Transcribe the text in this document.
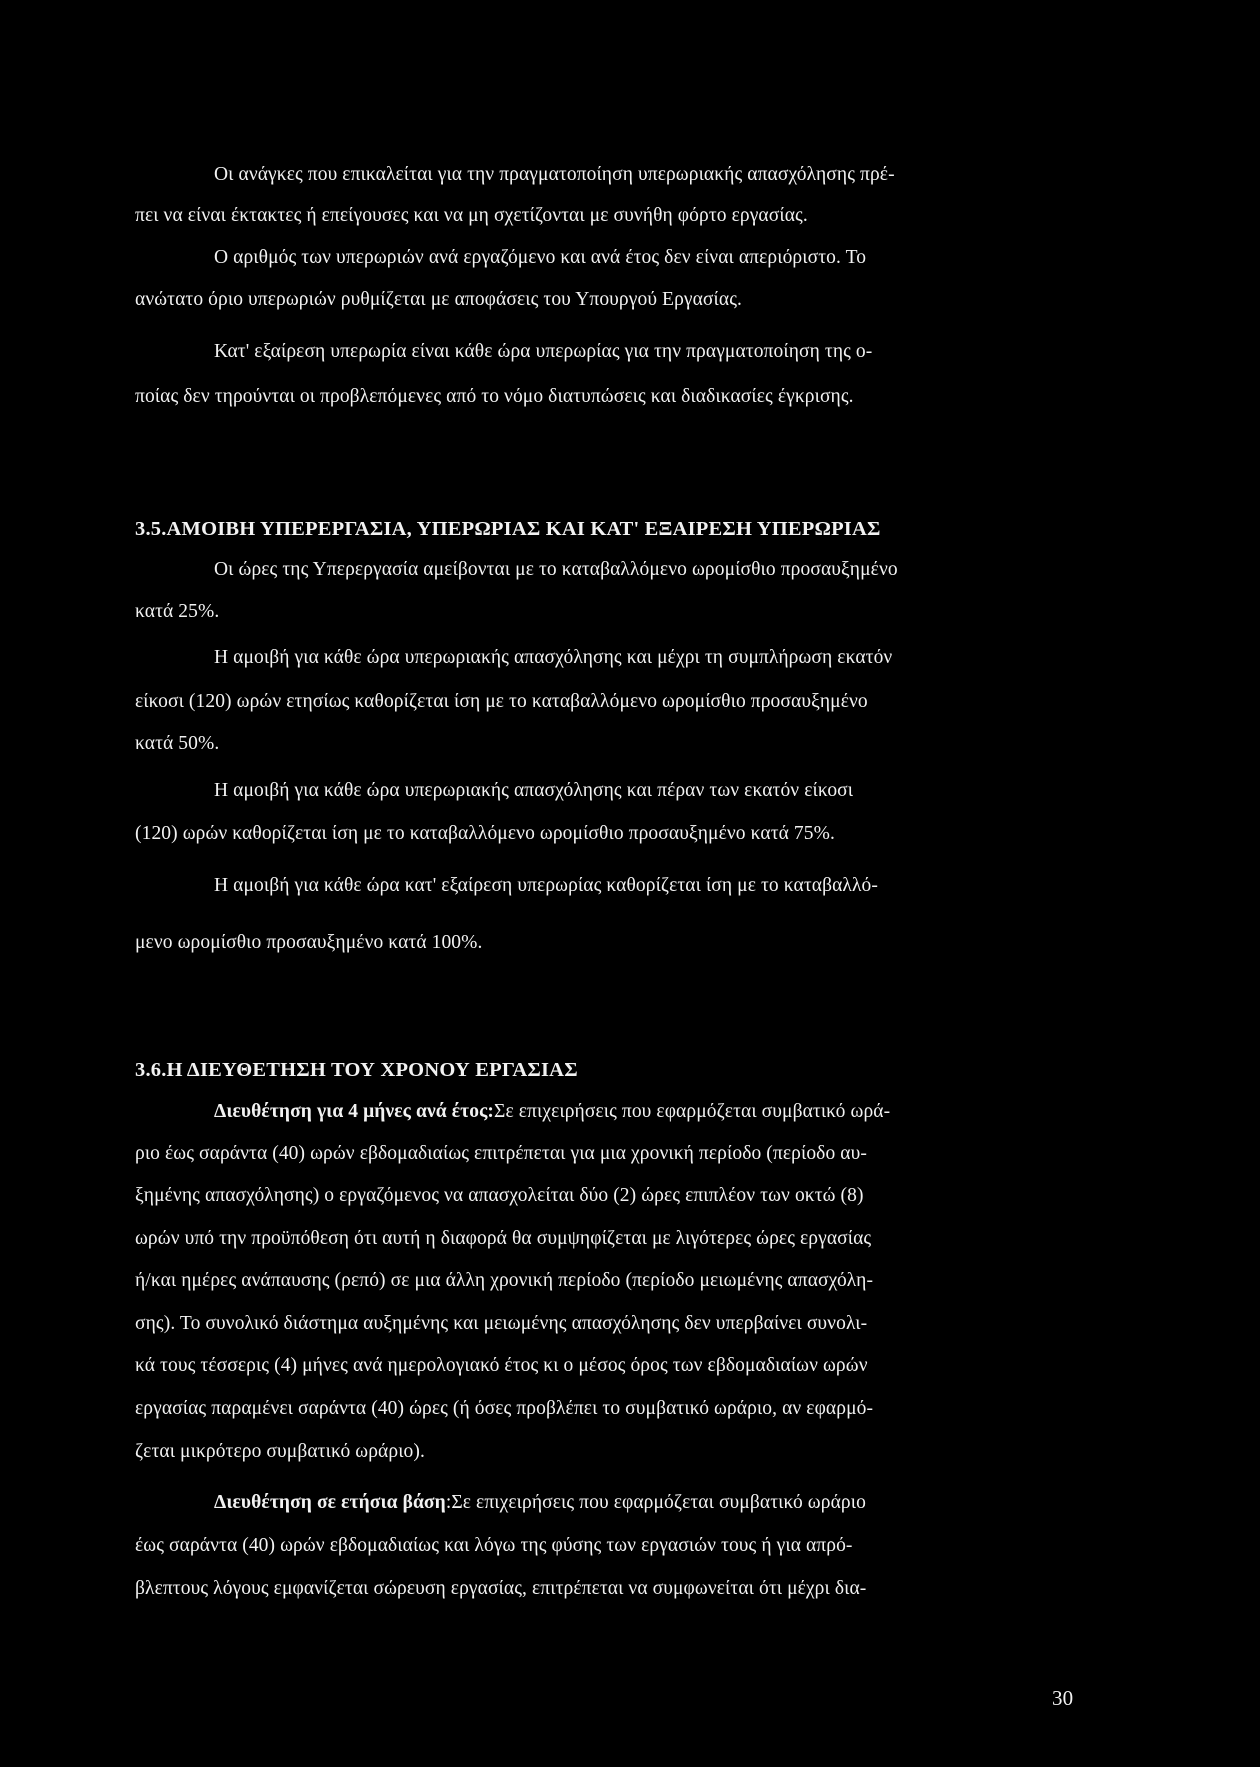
Οι ανάγκες που επικαλείται για την πραγματοποίηση υπερωριακής απασχόλησης πρέ-

πει να είναι έκτακτες ή επείγουσες και να μη σχετίζονται με συνήθη φόρτο εργασίας.

Ο αριθμός των υπερωριών ανά εργαζόμενο και ανά έτος δεν είναι απεριόριστο. Το

ανώτατο όριο υπερωριών ρυθμίζεται με αποφάσεις του Υπουργού Εργασίας.

Κατ' εξαίρεση υπερωρία είναι κάθε ώρα υπερωρίας για την πραγματοποίηση της ο-

ποίας δεν τηρούνται οι προβλεπόμενες από το νόμο διατυπώσεις και διαδικασίες έγκρισης.

3.5.ΑΜΟΙΒΗ ΥΠΕΡΕΡΓΑΣΙΑ, ΥΠΕΡΩΡΙΑΣ ΚΑΙ ΚΑΤ' ΕΞΑΙΡΕΣΗ ΥΠΕΡΩΡΙΑΣ

Οι ώρες της Υπερεργασία αμείβονται με το καταβαλλόμενο ωρομίσθιο προσαυξημένο

κατά 25%.

Η αμοιβή για κάθε ώρα υπερωριακής απασχόλησης και μέχρι τη συμπλήρωση εκατόν

είκοσι (120) ωρών ετησίως καθορίζεται ίση με το καταβαλλόμενο ωρομίσθιο προσαυξημένο

κατά 50%.

Η αμοιβή για κάθε ώρα υπερωριακής απασχόλησης και πέραν των εκατόν είκοσι

(120) ωρών καθορίζεται ίση με το καταβαλλόμενο ωρομίσθιο προσαυξημένο κατά 75%.

Η αμοιβή για κάθε ώρα κατ' εξαίρεση υπερωρίας καθορίζεται ίση με το καταβαλλό-

μενο ωρομίσθιο προσαυξημένο κατά 100%.

3.6.Η ΔΙΕΥΘΕΤΗΣΗ ΤΟΥ ΧΡΟΝΟΥ ΕΡΓΑΣΙΑΣ

Διευθέτηση για 4 μήνες ανά έτος:Σε επιχειρήσεις που εφαρμόζεται συμβατικό ωρά-

ριο έως σαράντα (40) ωρών εβδομαδιαίως επιτρέπεται για μια χρονική περίοδο (περίοδο αυ-

ξημένης απασχόλησης) ο εργαζόμενος να απασχολείται δύο (2) ώρες επιπλέον των οκτώ (8)

ωρών υπό την προϋπόθεση ότι αυτή η διαφορά θα συμψηφίζεται με λιγότερες ώρες εργασίας

ή/και ημέρες ανάπαυσης (ρεπό) σε μια άλλη χρονική περίοδο (περίοδο μειωμένης απασχόλη-

σης). Το συνολικό διάστημα αυξημένης και μειωμένης απασχόλησης δεν υπερβαίνει συνολι-

κά τους τέσσερις (4) μήνες ανά ημερολογιακό έτος κι ο μέσος όρος των εβδομαδιαίων ωρών

εργασίας παραμένει σαράντα (40) ώρες (ή όσες προβλέπει το συμβατικό ωράριο, αν εφαρμό-

ζεται μικρότερο συμβατικό ωράριο).

Διευθέτηση σε ετήσια βάση:Σε επιχειρήσεις που εφαρμόζεται συμβατικό ωράριο

έως σαράντα (40) ωρών εβδομαδιαίως και λόγω της φύσης των εργασιών τους ή για απρό-

βλεπτους λόγους εμφανίζεται σώρευση εργασίας, επιτρέπεται να συμφωνείται ότι μέχρι δια-

30
